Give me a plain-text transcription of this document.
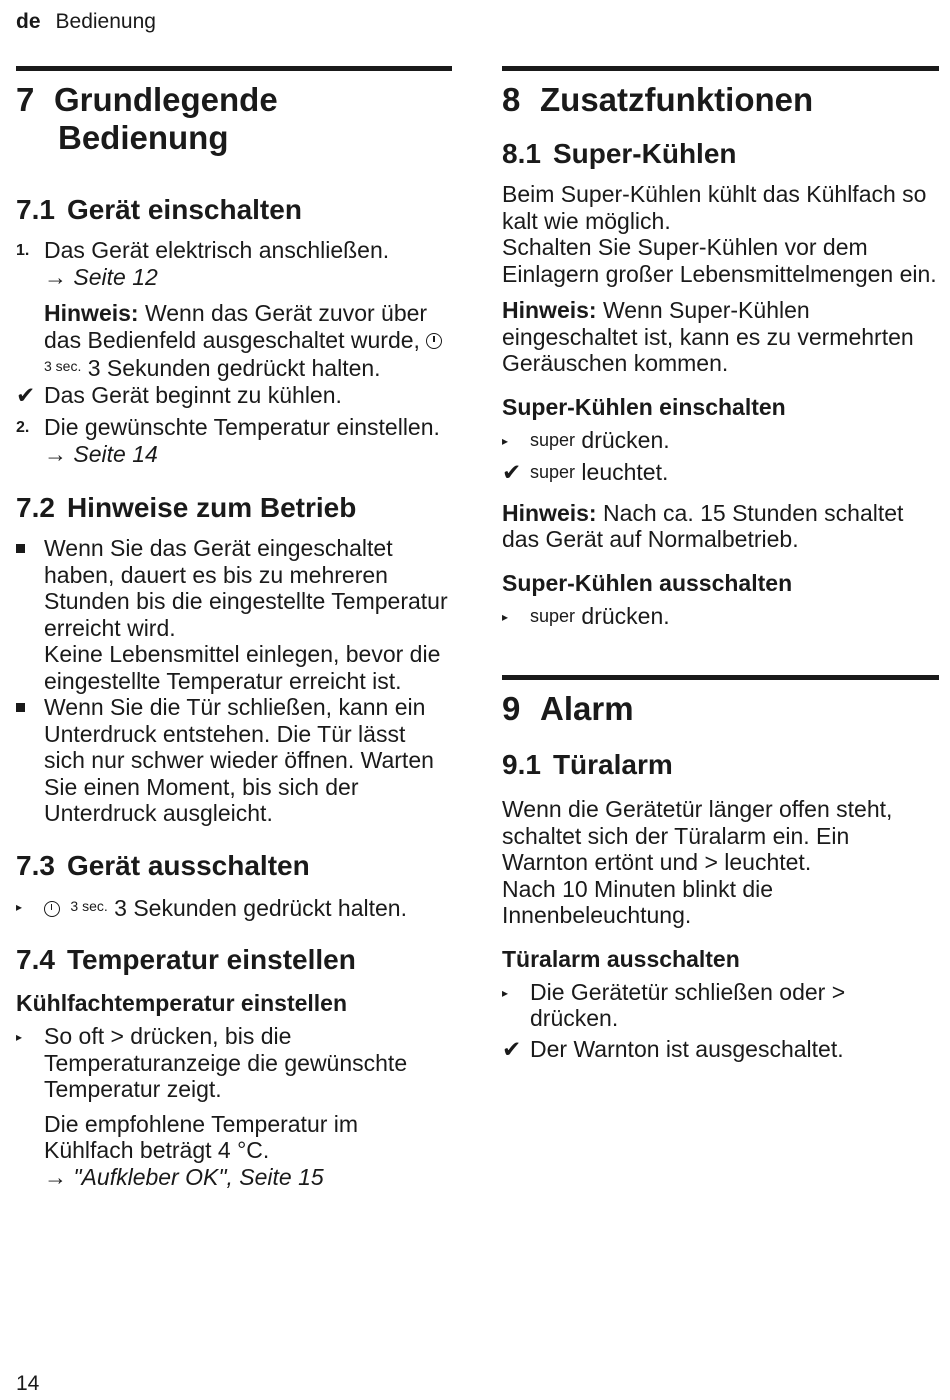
de Bedienung
7 Grundlegende
Bedienung
7.1 Gerät einschalten
1. Das Gerät elektrisch anschließen.
→ Seite 12
Hinweis: Wenn das Gerät zuvor über das Bedienfeld ausgeschaltet wurde,  $^{3 sec.}$ 3 Sekunden gedrückt halten.
✔ Das Gerät beginnt zu kühlen.
2. Die gewünschte Temperatur einstellen. → Seite 14
7.2 Hinweise zum Betrieb
Wenn Sie das Gerät eingeschaltet haben, dauert es bis zu mehreren Stunden bis die eingestellte Temperatur erreicht wird.
Keine Lebensmittel einlegen, bevor die eingestellte Temperatur erreicht ist.
Wenn Sie die Tür schließen, kann ein Unterdruck entstehen. Die Tür lässt sich nur schwer wieder öffnen. Warten Sie einen Moment, bis sich der Unterdruck ausgleicht.
7.3 Gerät ausschalten
▸	$^{3 sec.}$ 3 Sekunden gedrückt halten.
7.4 Temperatur einstellen
Kühlfachtemperatur einstellen
▸ So oft > drücken, bis die Temperaturanzeige die gewünschte Temperatur zeigt.
Die empfohlene Temperatur im Kühlfach beträgt 4 °C.
→ "Aufkleber OK", Seite 15
8 Zusatzfunktionen
8.1 Super-Kühlen

Beim Super-Kühlen kühlt das Kühlfach so kalt wie möglich.

Schalten Sie Super-Kühlen vor dem Einlagern großer Lebensmittelmengen ein.

Hinweis: Wenn Super-Kühlen eingeschaltet ist, kann es zu vermehrten Geräuschen kommen.

Super-Kühlen einschalten
▸	super drücken.
✔ super leuchtet.

Hinweis: Nach ca. 15 Stunden schaltet das Gerät auf Normalbetrieb.

Super-Kühlen ausschalten
▸	super drücken.
9 Alarm
9.1 Türalarm

Wenn die Gerätetür länger offen steht, schaltet sich der Türalarm ein. Ein Warnton ertönt und > leuchtet.

Nach 10 Minuten blinkt die Innenbeleuchtung.

Türalarm ausschalten
▸ Die Gerätetür schließen oder > drücken.
✔ Der Warnton ist ausgeschaltet.
14
